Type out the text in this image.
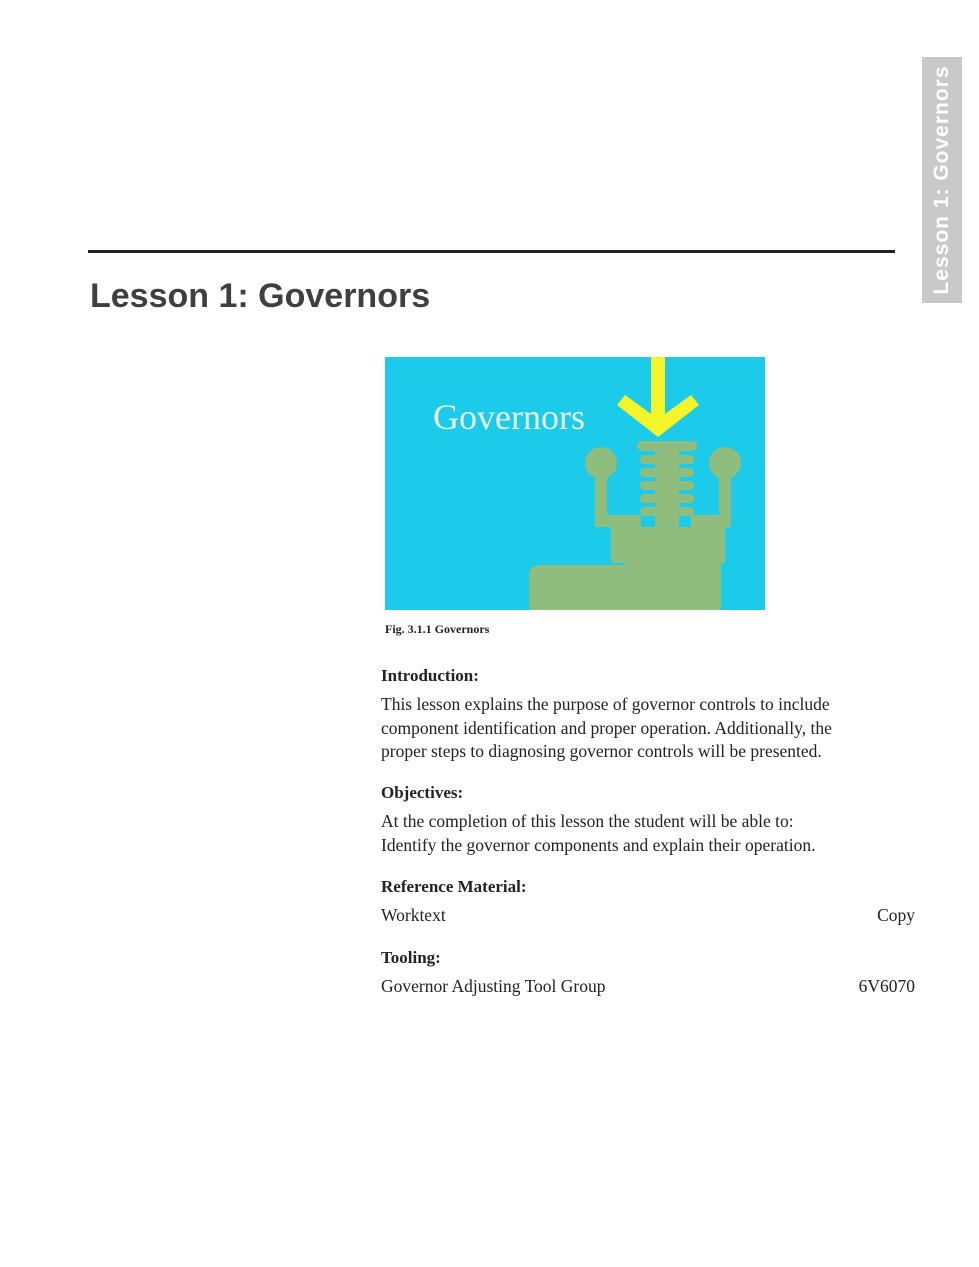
Lesson 1: Governors
Lesson 1: Governors
Governors
Fig. 3.1.1 Governors

Introduction:

This lesson explains the purpose of governor controls to include
component identification and proper operation. Additionally, the
proper steps to diagnosing governor controls will be presented.

Objectives:

At the completion of this lesson the student will be able to:
Identify the governor components and explain their operation.

Reference Material:

Worktext	Copy

Tooling:

Governor Adjusting Tool Group	6V6070
